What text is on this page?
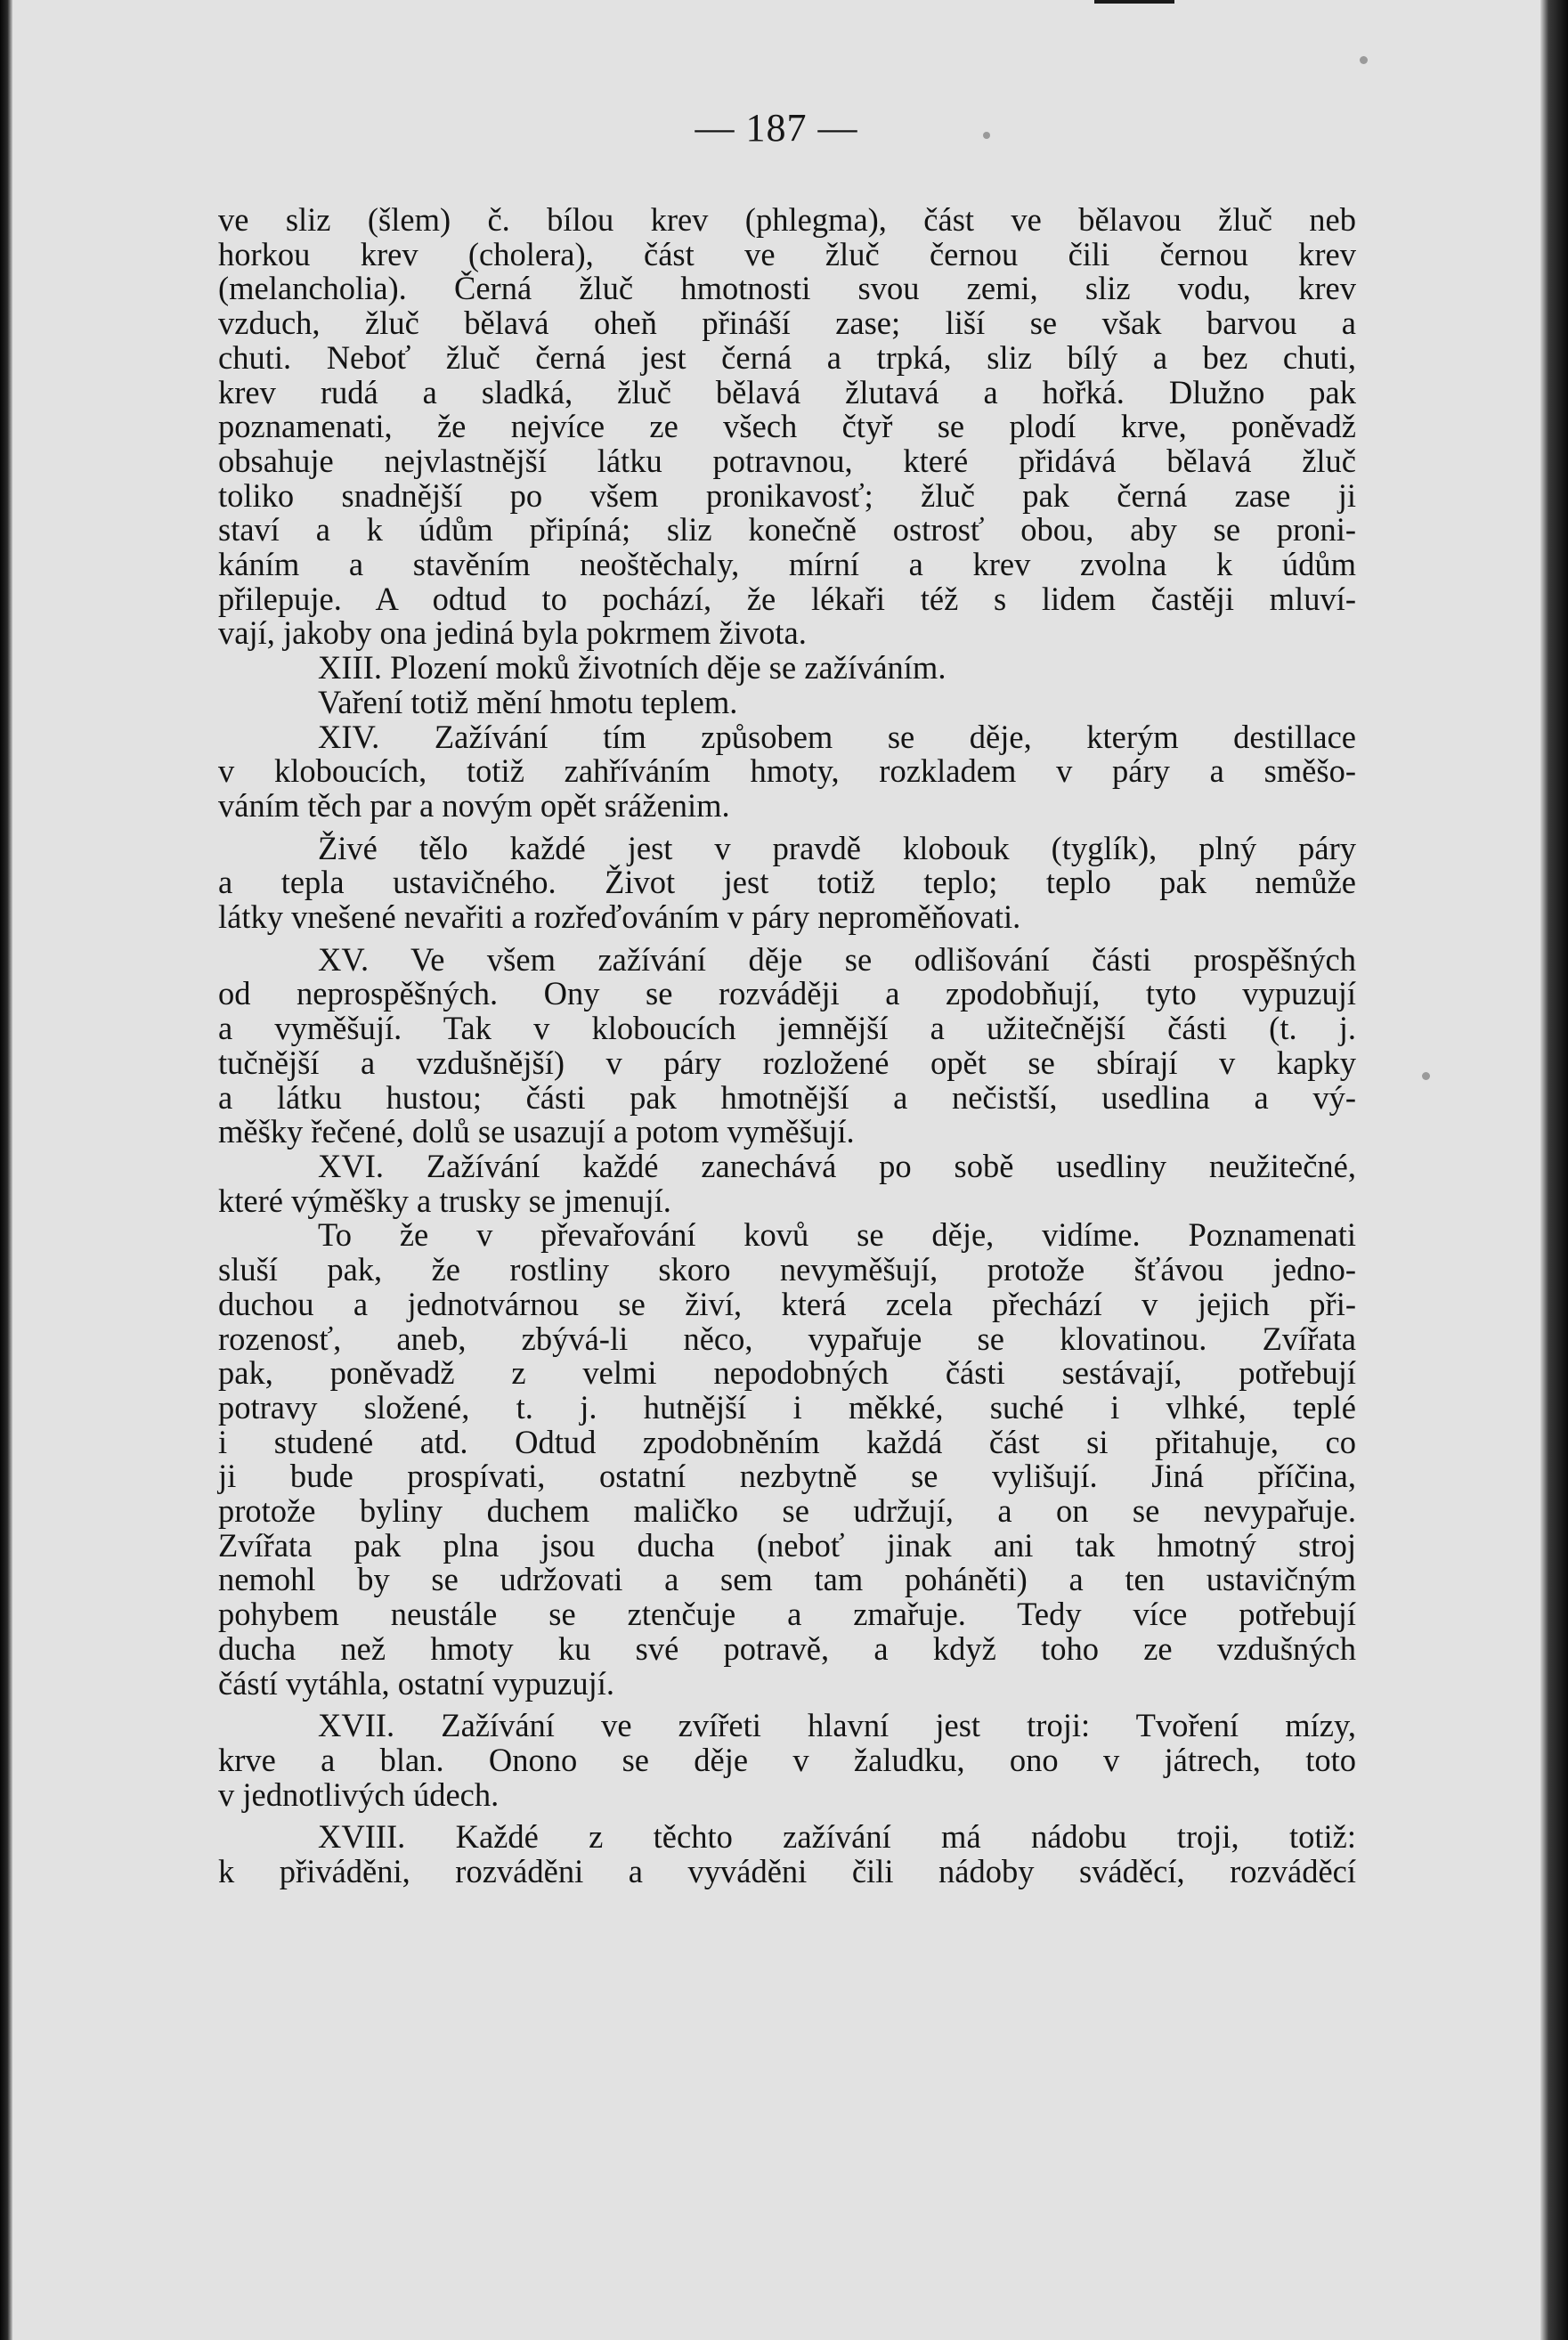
— 187 —
ve sliz (šlem) č. bílou krev (phlegma), část ve bělavou žluč neb
horkou krev (cholera), část ve žluč černou čili černou krev
(melancholia). Černá žluč hmotnosti svou zemi, sliz vodu, krev
vzduch, žluč bělavá oheň přináší zase; liší se však barvou a
chuti. Neboť žluč černá jest černá a trpká, sliz bílý a bez chuti,
krev rudá a sladká, žluč bělavá žlutavá a hořká. Dlužno pak
poznamenati, že nejvíce ze všech čtyř se plodí krve, poněvadž
obsahuje nejvlastnější látku potravnou, které přidává bělavá žluč
toliko snadnější po všem pronikavosť; žluč pak černá zase ji
staví a k údům připíná; sliz konečně ostrosť obou, aby se proni-
káním a stavěním neoštěchaly, mírní a krev zvolna k údům
přilepuje. A odtud to pochází, že lékaři též s lidem častěji mluví-
vají, jakoby ona jediná byla pokrmem života.
XIII. Plození moků životních děje se zažíváním.
Vaření totiž mění hmotu teplem.
XIV. Zažívání tím způsobem se děje, kterým destillace
v kloboucích, totiž zahříváním hmoty, rozkladem v páry a směšo-
váním těch par a novým opět sráženim.
Živé tělo každé jest v pravdě klobouk (tyglík), plný páry
a tepla ustavičného. Život jest totiž teplo; teplo pak nemůže
látky vnešené nevařiti a rozřeďováním v páry neproměňovati.
XV. Ve všem zažívání děje se odlišování části prospěšných
od neprospěšných. Ony se rozváději a zpodobňují, tyto vypuzují
a vyměšují. Tak v kloboucích jemnější a užitečnější části (t. j.
tučnější a vzdušnější) v páry rozložené opět se sbírají v kapky
a látku hustou; části pak hmotnější a nečistší, usedlina a vý-
měšky řečené, dolů se usazují a potom vyměšují.
XVI. Zažívání každé zanechává po sobě usedliny neužitečné,
které výměšky a trusky se jmenují.
To že v převařování kovů se děje, vidíme. Poznamenati
sluší pak, že rostliny skoro nevyměšují, protože šťávou jedno-
duchou a jednotvárnou se živí, která zcela přechází v jejich při-
rozenosť, aneb, zbývá-li něco, vypařuje se klovatinou. Zvířata
pak, poněvadž z velmi nepodobných části sestávají, potřebují
potravy složené, t. j. hutnější i měkké, suché i vlhké, teplé
i studené atd. Odtud zpodobněním každá část si přitahuje, co
ji bude prospívati, ostatní nezbytně se vylišují. Jiná příčina,
protože byliny duchem maličko se udržují, a on se nevypařuje.
Zvířata pak plna jsou ducha (neboť jinak ani tak hmotný stroj
nemohl by se udržovati a sem tam poháněti) a ten ustavičným
pohybem neustále se ztenčuje a zmařuje. Tedy více potřebují
ducha než hmoty ku své potravě, a když toho ze vzdušných
částí vytáhla, ostatní vypuzují.
XVII. Zažívání ve zvířeti hlavní jest troji: Tvoření mízy,
krve a blan. Onono se děje v žaludku, ono v játrech, toto
v jednotlivých údech.
XVIII. Každé z těchto zažívání má nádobu troji, totiž:
k přiváděni, rozváděni a vyváděni čili nádoby sváděcí, rozváděcí
